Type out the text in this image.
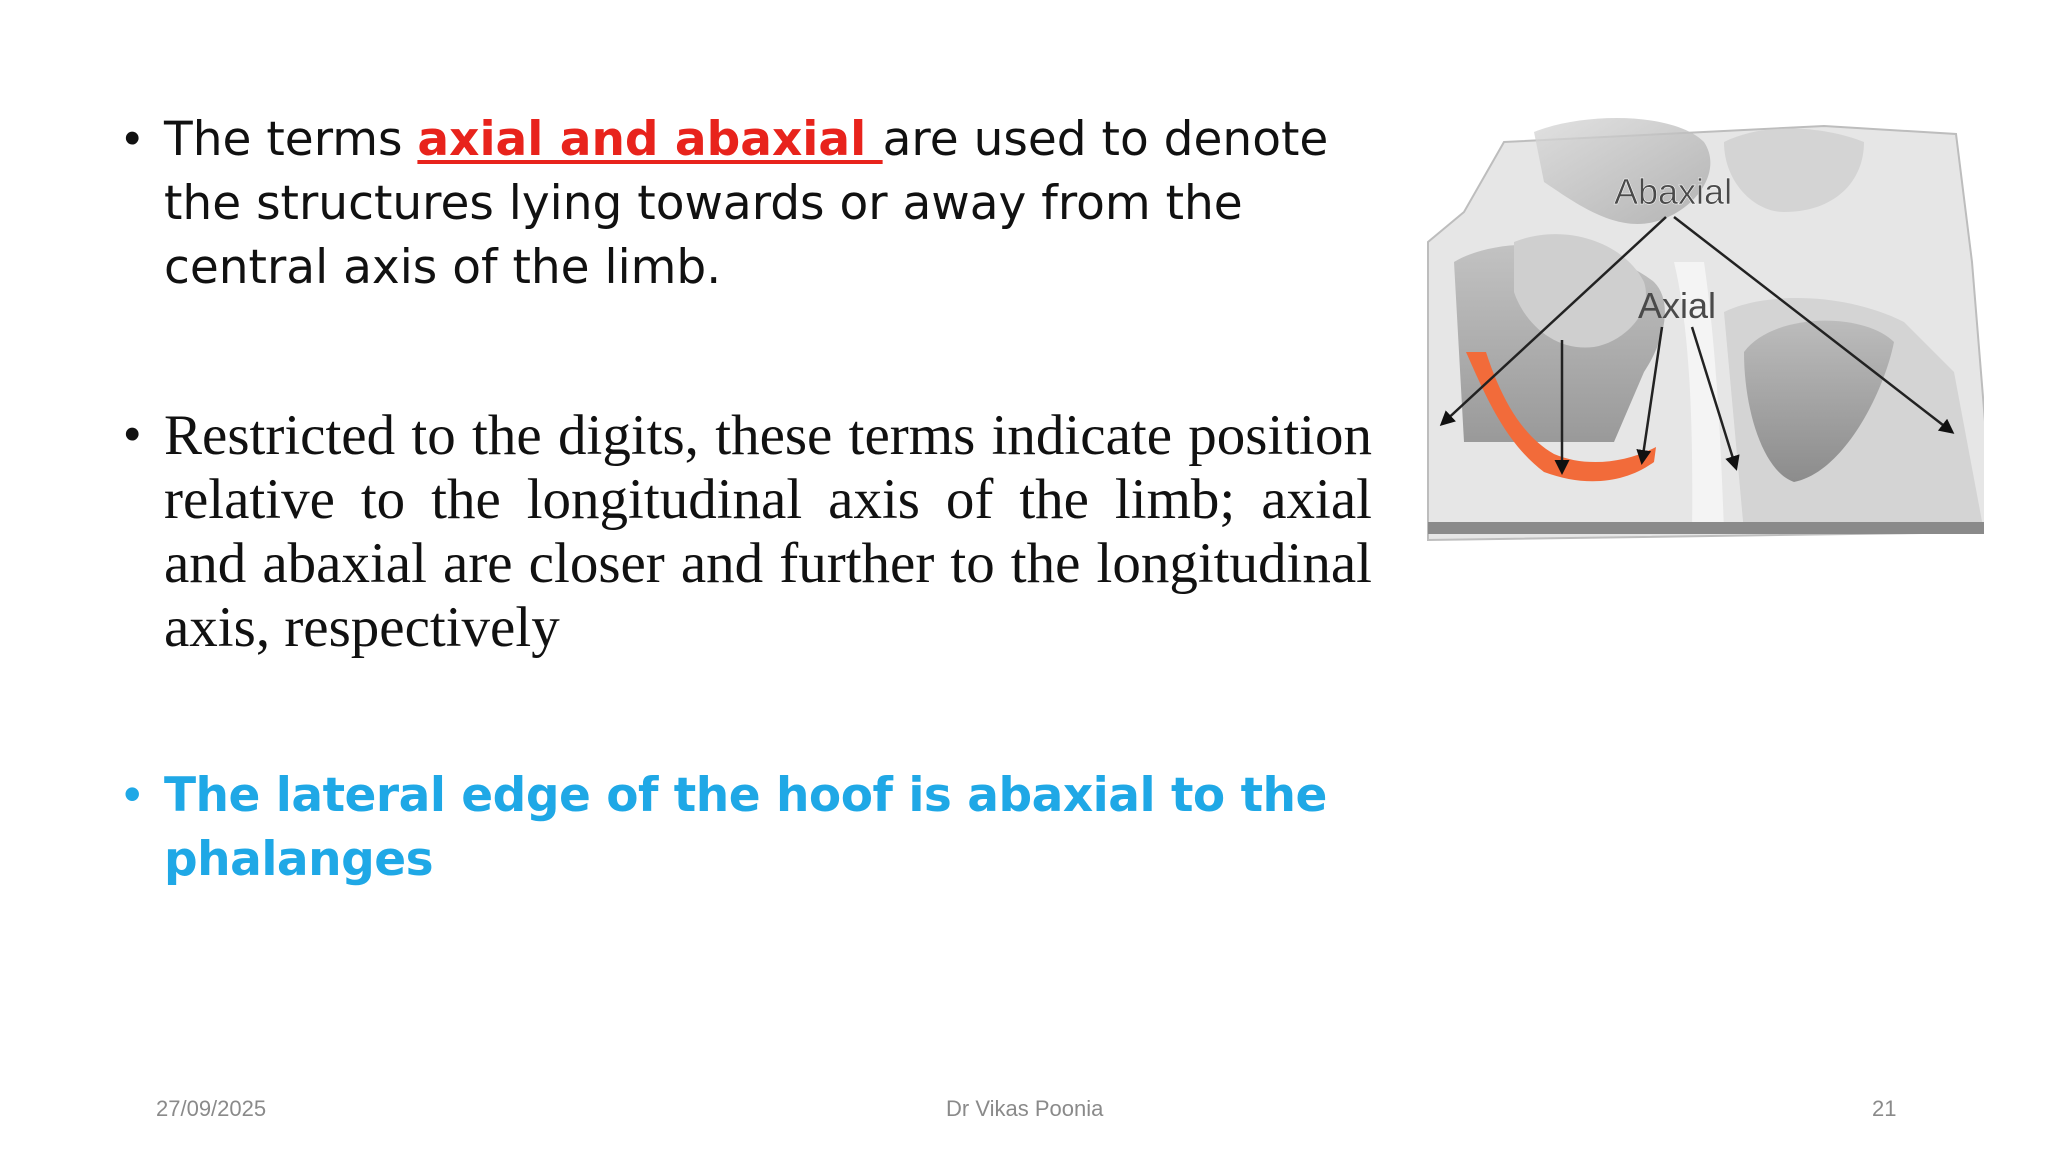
• The terms axial and abaxial are used to denote the structures lying towards or away from the central axis of the limb.
• Restricted to the digits, these terms indicate position relative to the longitudinal axis of the limb; axial and abaxial are closer and further to the longitudinal axis, respectively
• The lateral edge of the hoof is abaxial to the phalanges
Abaxial
Axial
27/09/2025	Dr Vikas Poonia	21
